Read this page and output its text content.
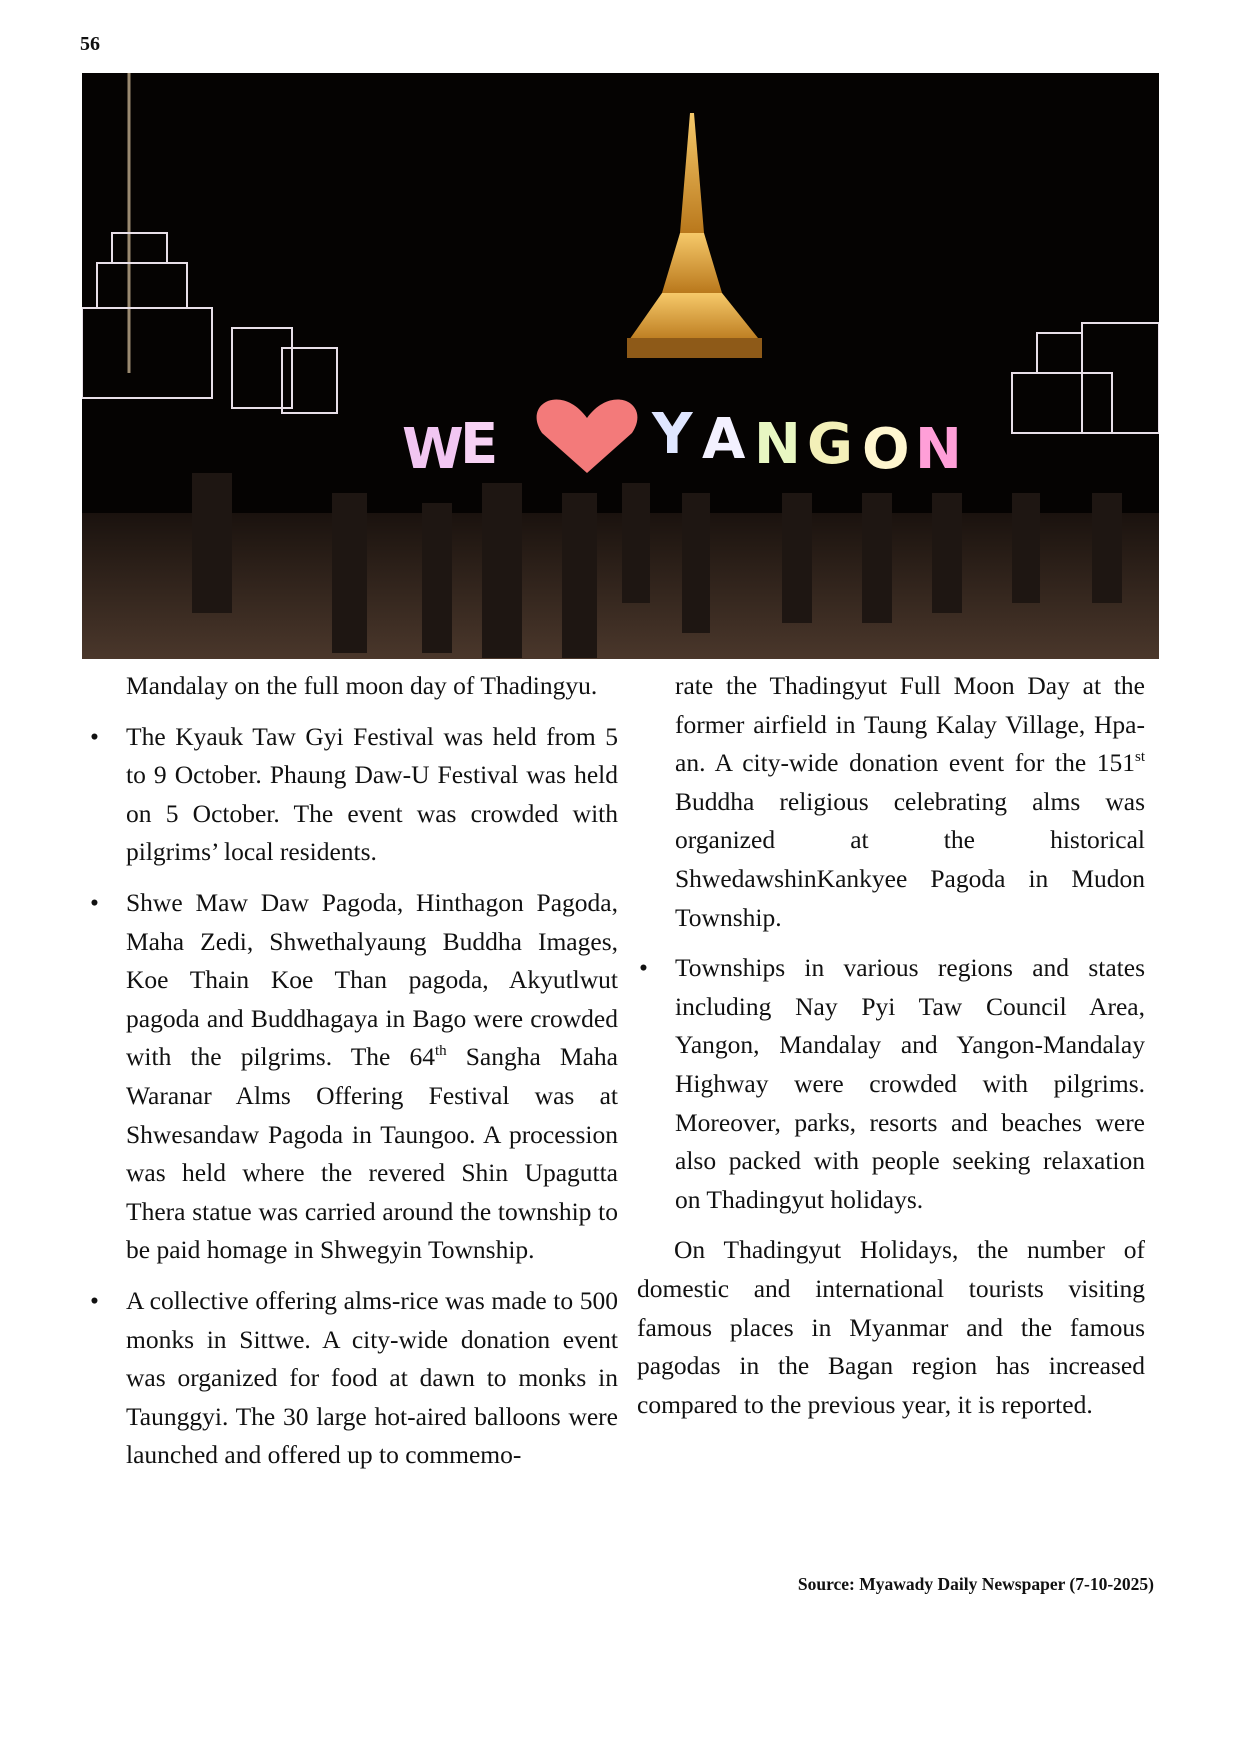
56
W
E	Y A N G O N

Mandalay on the full moon day of Thadingyu.

• The Kyauk Taw Gyi Festival was held from 5 to 9 October. Phaung Daw-U Festival was held on 5 October. The event was crowded with pilgrims’ local residents.
• Shwe Maw Daw Pagoda, Hinthagon Pagoda, Maha Zedi, Shwethalyaung Buddha Images, Koe Thain Koe Than pagoda, Akyutlwut pagoda and Buddhagaya in Bago were crowded with the pilgrims. The 64th Sangha Maha Waranar Alms Offering Festival was at Shwesandaw Pagoda in Taungoo. A procession was held where the revered Shin Upagutta Thera statue was carried around the township to be paid homage in Shwegyin Township.
• A collective offering alms-rice was made to 500 monks in Sittwe. A city-wide donation event was organized for food at dawn to monks in Taunggyi. The 30 large hot-aired balloons were launched and offered up to commemo-

rate the Thadingyut Full Moon Day at the former airfield in Taung Kalay Village, Hpa-an. A city-wide donation event for the 151st Buddha religious celebrating alms was organized at the historical ShwedawshinKankyee Pagoda in Mudon Township.

• Townships in various regions and states including Nay Pyi Taw Council Area, Yangon, Mandalay and Yangon-Mandalay Highway were crowded with pilgrims. Moreover, parks, resorts and beaches were also packed with people seeking relaxation on Thadingyut holidays.

On Thadingyut Holidays, the number of domestic and international tourists visiting famous places in Myanmar and the famous pagodas in the Bagan region has increased compared to the previous year, it is reported.

Source: Myawady Daily Newspaper (7-10-2025)
